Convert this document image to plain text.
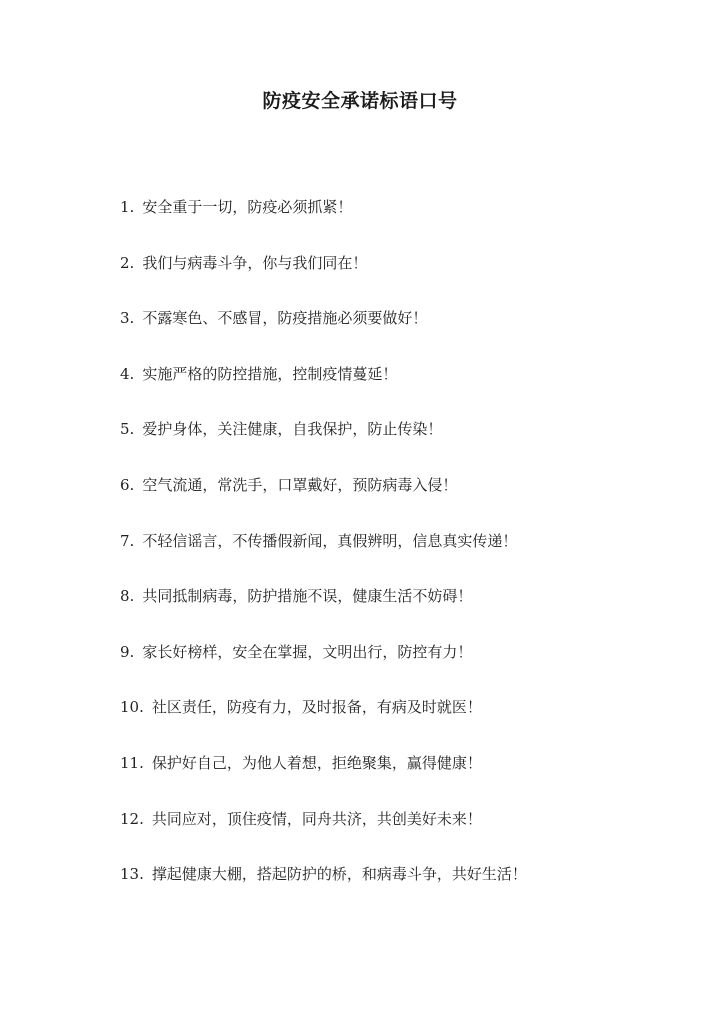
防疫安全承诺标语口号
1. 安全重于一切，防疫必须抓紧！
2. 我们与病毒斗争，你与我们同在！
3. 不露寒色、不感冒，防疫措施必须要做好！
4. 实施严格的防控措施，控制疫情蔓延！
5. 爱护身体，关注健康，自我保护，防止传染！
6. 空气流通，常洗手，口罩戴好，预防病毒入侵！
7. 不轻信谣言，不传播假新闻，真假辨明，信息真实传递！
8. 共同抵制病毒，防护措施不误，健康生活不妨碍！
9. 家长好榜样，安全在掌握，文明出行，防控有力！
10. 社区责任，防疫有力，及时报备，有病及时就医！
11. 保护好自己，为他人着想，拒绝聚集，赢得健康！
12. 共同应对，顶住疫情，同舟共济，共创美好未来！
13. 撑起健康大棚，搭起防护的桥，和病毒斗争，共好生活！
